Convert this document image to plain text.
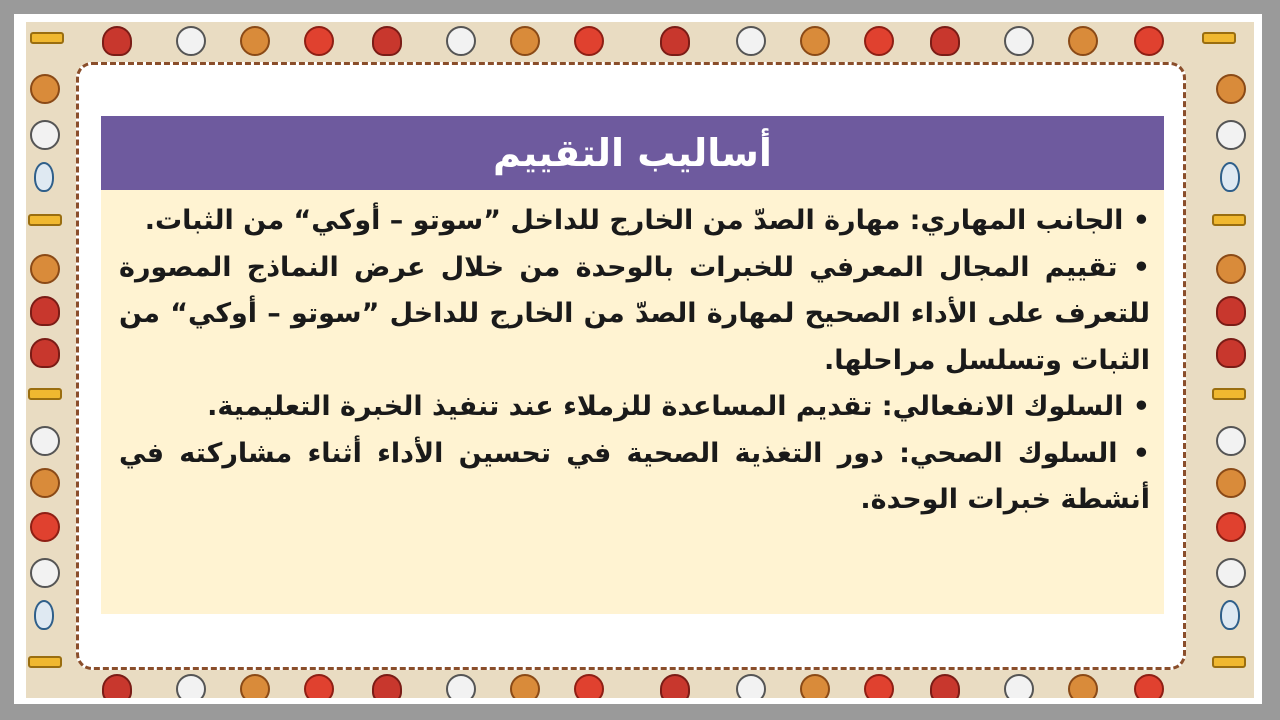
أساليب التقييم

• الجانب المهاري: مهارة الصدّ من الخارج للداخل ”سوتو – أوكي“ من الثبات.

• تقييم المجال المعرفي للخبرات بالوحدة من خلال عرض النماذج المصورة للتعرف على الأداء الصحيح لمهارة الصدّ من الخارج للداخل ”سوتو – أوكي“ من الثبات وتسلسل مراحلها.

• السلوك الانفعالي: تقديم المساعدة للزملاء عند تنفيذ الخبرة التعليمية.

• السلوك الصحي: دور التغذية الصحية في تحسين الأداء أثناء مشاركته في أنشطة خبرات الوحدة.
